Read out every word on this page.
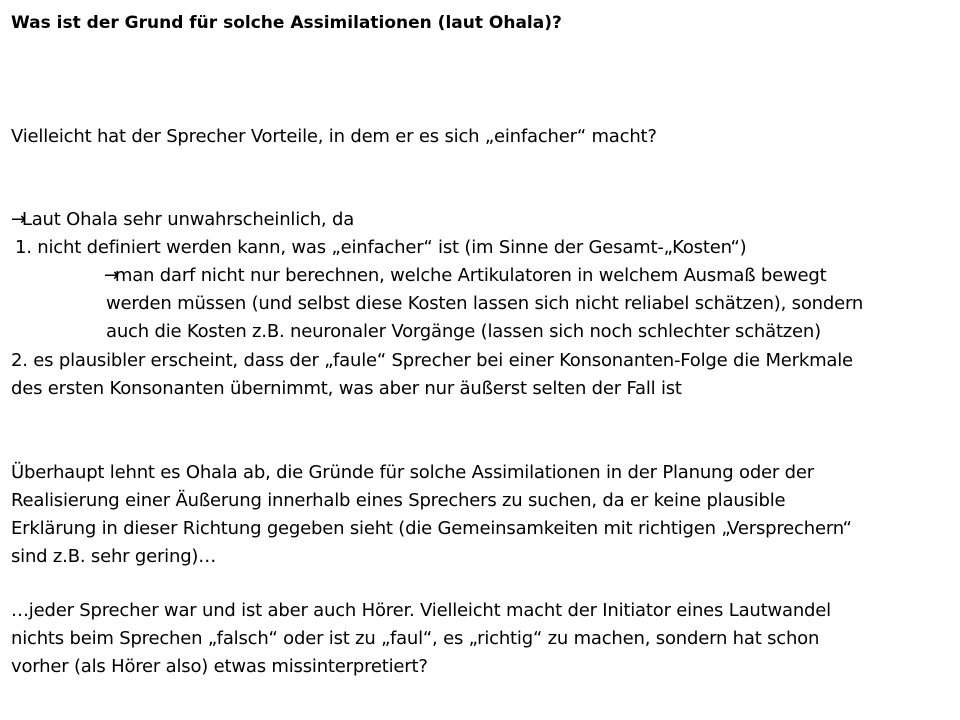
Was ist der Grund für solche Assimilationen (laut Ohala)?
Vielleicht hat der Sprecher Vorteile, in dem er es sich „einfacher“ macht?
→Laut Ohala sehr unwahrscheinlich, da
1. nicht definiert werden kann, was „einfacher“ ist (im Sinne der Gesamt-„Kosten“)
→man darf nicht nur berechnen, welche Artikulatoren in welchem Ausmaß bewegt
werden müssen (und selbst diese Kosten lassen sich nicht reliabel schätzen), sondern
auch die Kosten z.B. neuronaler Vorgänge (lassen sich noch schlechter schätzen)
2. es plausibler erscheint, dass der „faule“ Sprecher bei einer Konsonanten-Folge die Merkmale
des ersten Konsonanten übernimmt, was aber nur äußerst selten der Fall ist
Überhaupt lehnt es Ohala ab, die Gründe für solche Assimilationen in der Planung oder der
Realisierung einer Äußerung innerhalb eines Sprechers zu suchen, da er keine plausible
Erklärung in dieser Richtung gegeben sieht (die Gemeinsamkeiten mit richtigen „Versprechern“
sind z.B. sehr gering)…
…jeder Sprecher war und ist aber auch Hörer. Vielleicht macht der Initiator eines Lautwandel
nichts beim Sprechen „falsch“ oder ist zu „faul“, es „richtig“ zu machen, sondern hat schon
vorher (als Hörer also) etwas missinterpretiert?
